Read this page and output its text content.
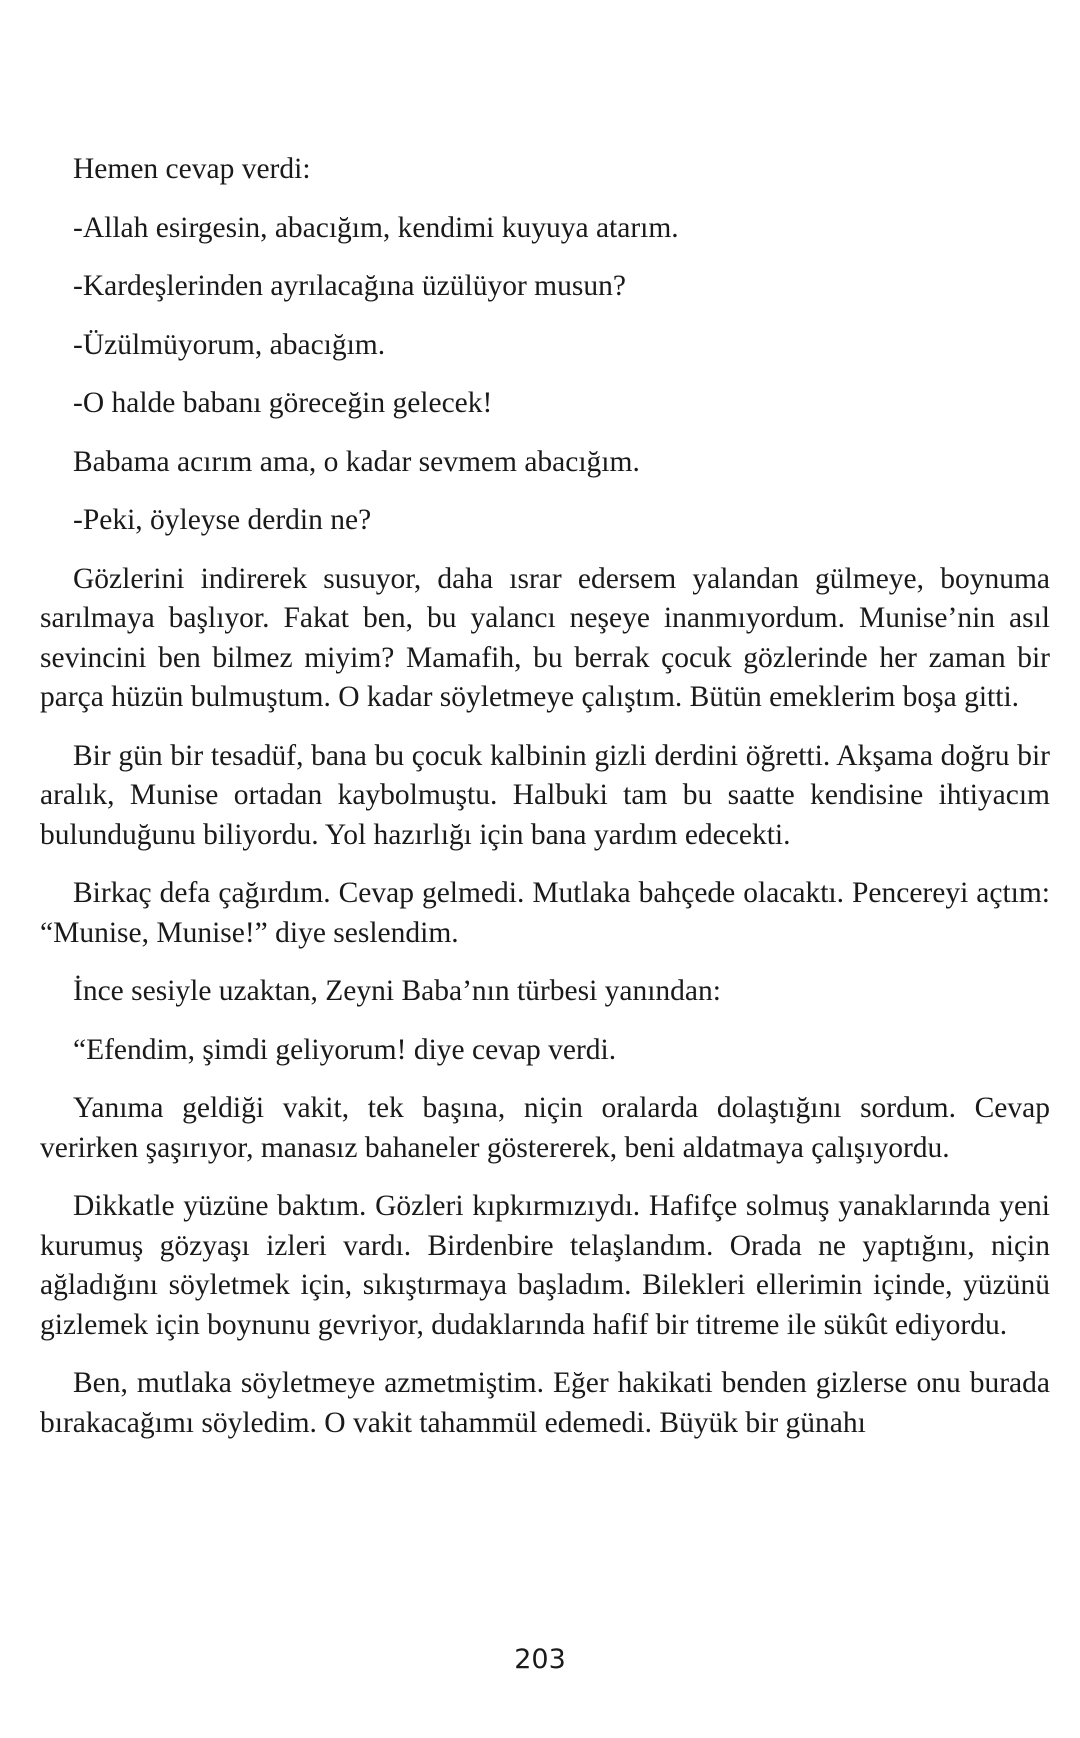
Hemen cevap verdi:

-Allah esirgesin, abacığım, kendimi kuyuya atarım.

-Kardeşlerinden ayrılacağına üzülüyor musun?

-Üzülmüyorum, abacığım.

-O halde babanı göreceğin gelecek!

Babama acırım ama, o kadar sevmem abacığım.

-Peki, öyleyse derdin ne?

Gözlerini indirerek susuyor, daha ısrar edersem yalandan gülmeye, boynuma sarılmaya başlıyor. Fakat ben, bu yalancı neşeye inanmıyordum. Munise’nin asıl sevincini ben bilmez miyim? Mamafih, bu berrak çocuk gözlerinde her zaman bir parça hüzün bulmuştum. O kadar söyletmeye çalıştım. Bütün emeklerim boşa gitti.

Bir gün bir tesadüf, bana bu çocuk kalbinin gizli derdini öğretti. Akşama doğru bir aralık, Munise ortadan kaybolmuştu. Halbuki tam bu saatte kendisine ihtiyacım bulunduğunu biliyordu. Yol hazırlığı için bana yardım edecekti.

Birkaç defa çağırdım. Cevap gelmedi. Mutlaka bahçede olacaktı. Pencereyi açtım: “Munise, Munise!” diye seslendim.

İnce sesiyle uzaktan, Zeyni Baba’nın türbesi yanından:

“Efendim, şimdi geliyorum! diye cevap verdi.

Yanıma geldiği vakit, tek başına, niçin oralarda dolaştığını sordum. Cevap verirken şaşırıyor, manasız bahaneler göstererek, beni aldatmaya çalışıyordu.

Dikkatle yüzüne baktım. Gözleri kıpkırmızıydı. Hafifçe solmuş yanaklarında yeni kurumuş gözyaşı izleri vardı. Birdenbire telaşlandım. Orada ne yaptığını, niçin ağladığını söyletmek için, sıkıştırmaya başladım. Bilekleri ellerimin içinde, yüzünü gizlemek için boynunu gevriyor, dudaklarında hafif bir titreme ile sükût ediyordu.

Ben, mutlaka söyletmeye azmetmiştim. Eğer hakikati benden gizlerse onu burada bırakacağımı söyledim. O vakit tahammül edemedi. Büyük bir günahı

203
